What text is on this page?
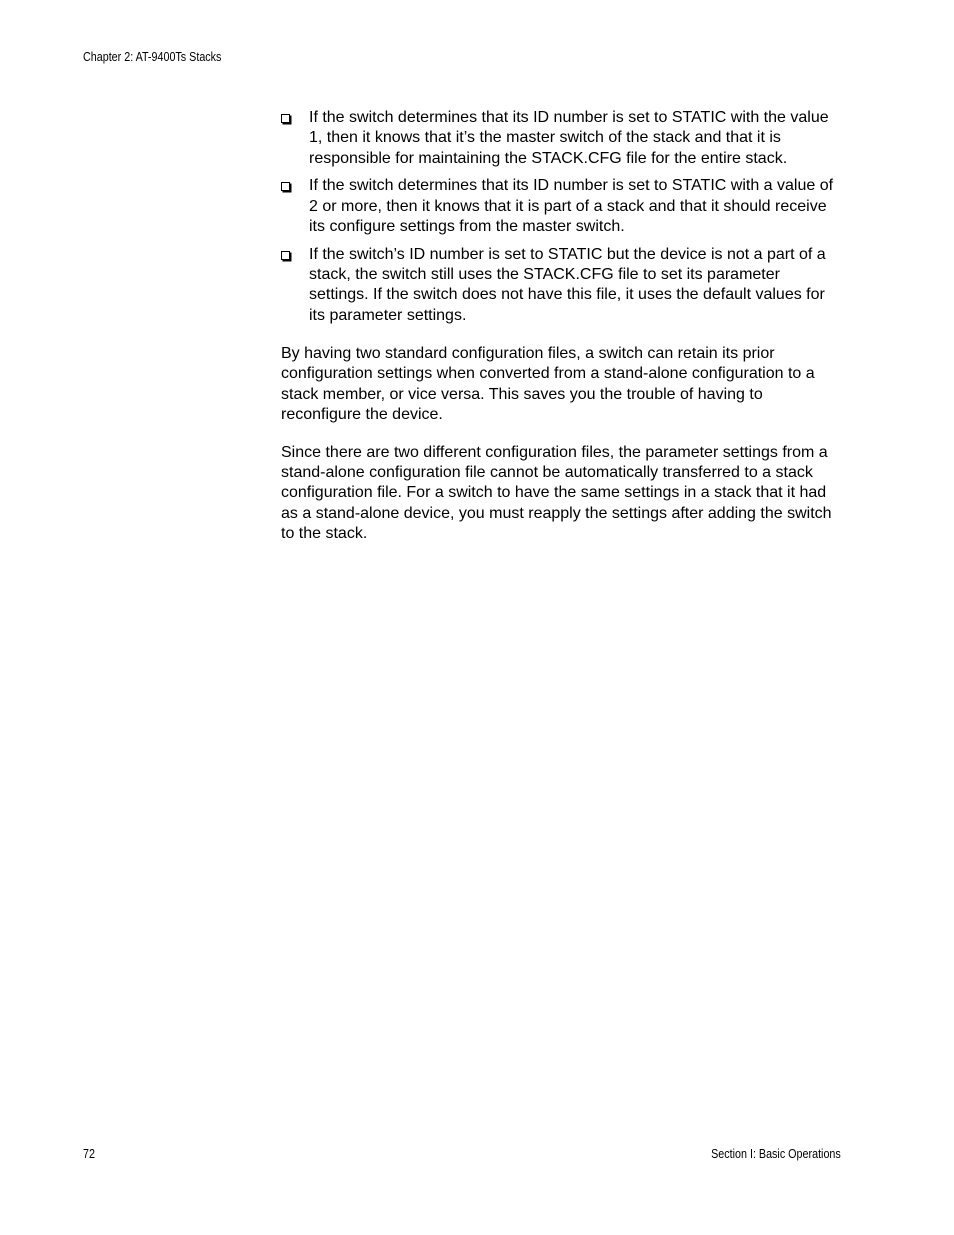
Chapter 2: AT-9400Ts Stacks
If the switch determines that its ID number is set to STATIC with the value 1, then it knows that it’s the master switch of the stack and that it is responsible for maintaining the STACK.CFG file for the entire stack.
If the switch determines that its ID number is set to STATIC with a value of 2 or more, then it knows that it is part of a stack and that it should receive its configure settings from the master switch.
If the switch’s ID number is set to STATIC but the device is not a part of a stack, the switch still uses the STACK.CFG file to set its parameter settings. If the switch does not have this file, it uses the default values for its parameter settings.

By having two standard configuration files, a switch can retain its prior configuration settings when converted from a stand-alone configuration to a stack member, or vice versa. This saves you the trouble of having to reconfigure the device.

Since there are two different configuration files, the parameter settings from a stand-alone configuration file cannot be automatically transferred to a stack configuration file. For a switch to have the same settings in a stack that it had as a stand-alone device, you must reapply the settings after adding the switch to the stack.

72	Section I: Basic Operations
